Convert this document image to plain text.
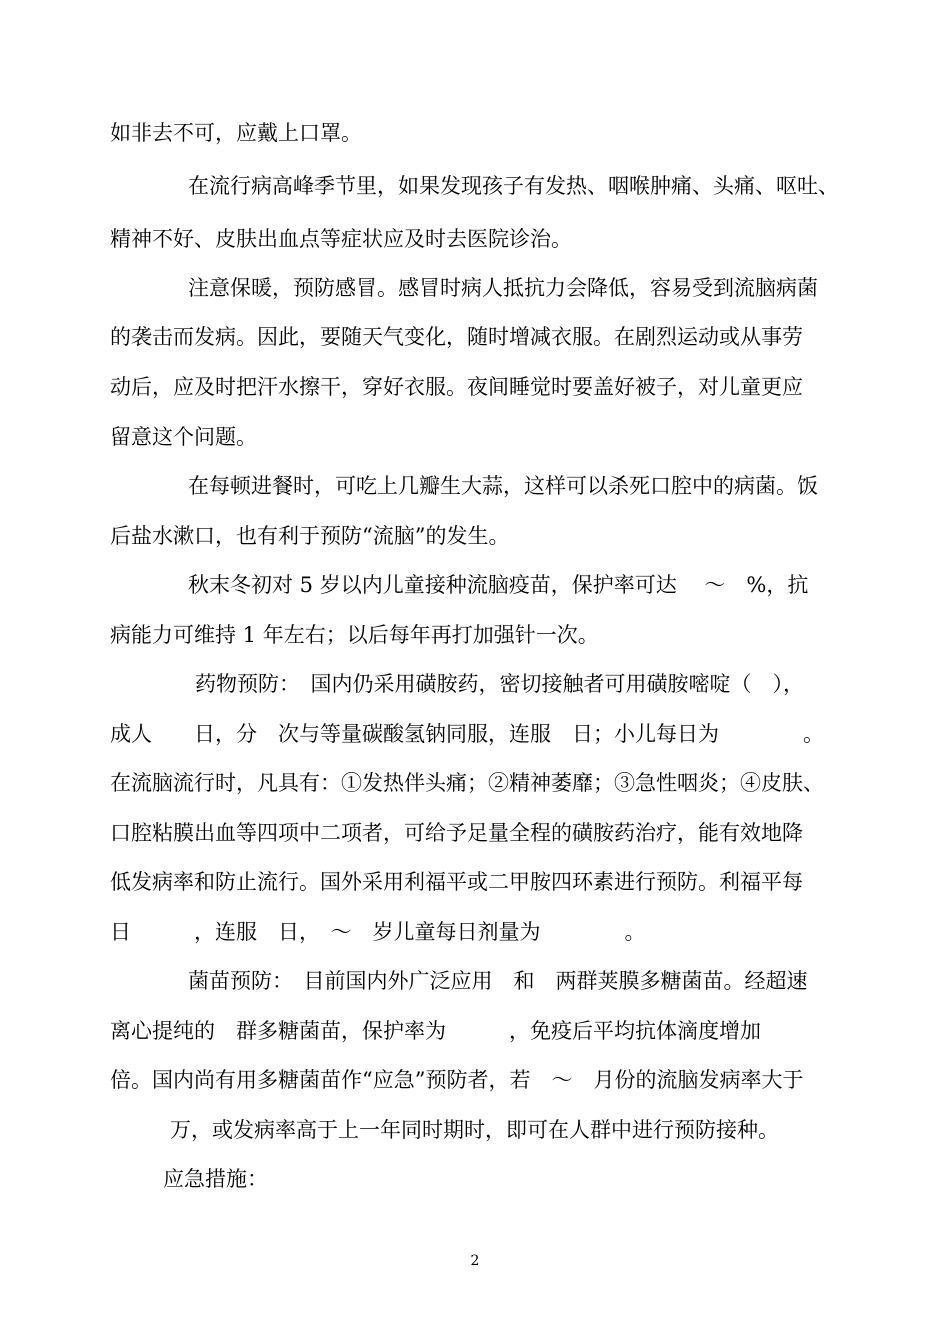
如非去不可，应戴上口罩。
在流行病高峰季节里，如果发现孩子有发热、咽喉肿痛、头痛、呕吐、
精神不好、皮肤出血点等症状应及时去医院诊治。
注意保暖，预防感冒。感冒时病人抵抗力会降低，容易受到流脑病菌
的袭击而发病。因此，要随天气变化，随时增减衣服。在剧烈运动或从事劳
动后，应及时把汗水擦干，穿好衣服。夜间睡觉时要盖好被子，对儿童更应
留意这个问题。
在每顿进餐时，可吃上几瓣生大蒜，这样可以杀死口腔中的病菌。饭
后盐水漱口，也有利于预防“流脑”的发生。
秋末冬初对 5 岁以内儿童接种流脑疫苗，保护率可达　 ～　%，抗
病能力可维持 1 年左右；以后每年再打加强针一次。
药物预防：　国内仍采用磺胺药，密切接触者可用磺胺嘧啶（　），
成人　　日，分　次与等量碳酸氢钠同服，连服　日；小儿每日为　　　　。
在流脑流行时，凡具有：①发热伴头痛；②精神萎靡；③急性咽炎；④皮肤、
口腔粘膜出血等四项中二项者，可给予足量全程的磺胺药治疗，能有效地降
低发病率和防止流行。国外采用利福平或二甲胺四环素进行预防。利福平每
日　　　，连服　日，　～　岁儿童每日剂量为　　　　。
菌苗预防：　目前国内外广泛应用　和　两群荚膜多糖菌苗。经超速
离心提纯的　群多糖菌苗，保护率为　　　，免疫后平均抗体滴度增加
倍。国内尚有用多糖菌苗作“应急”预防者，若　～　月份的流脑发病率大于
万，或发病率高于上一年同时期时，即可在人群中进行预防接种。
应急措施：
2
